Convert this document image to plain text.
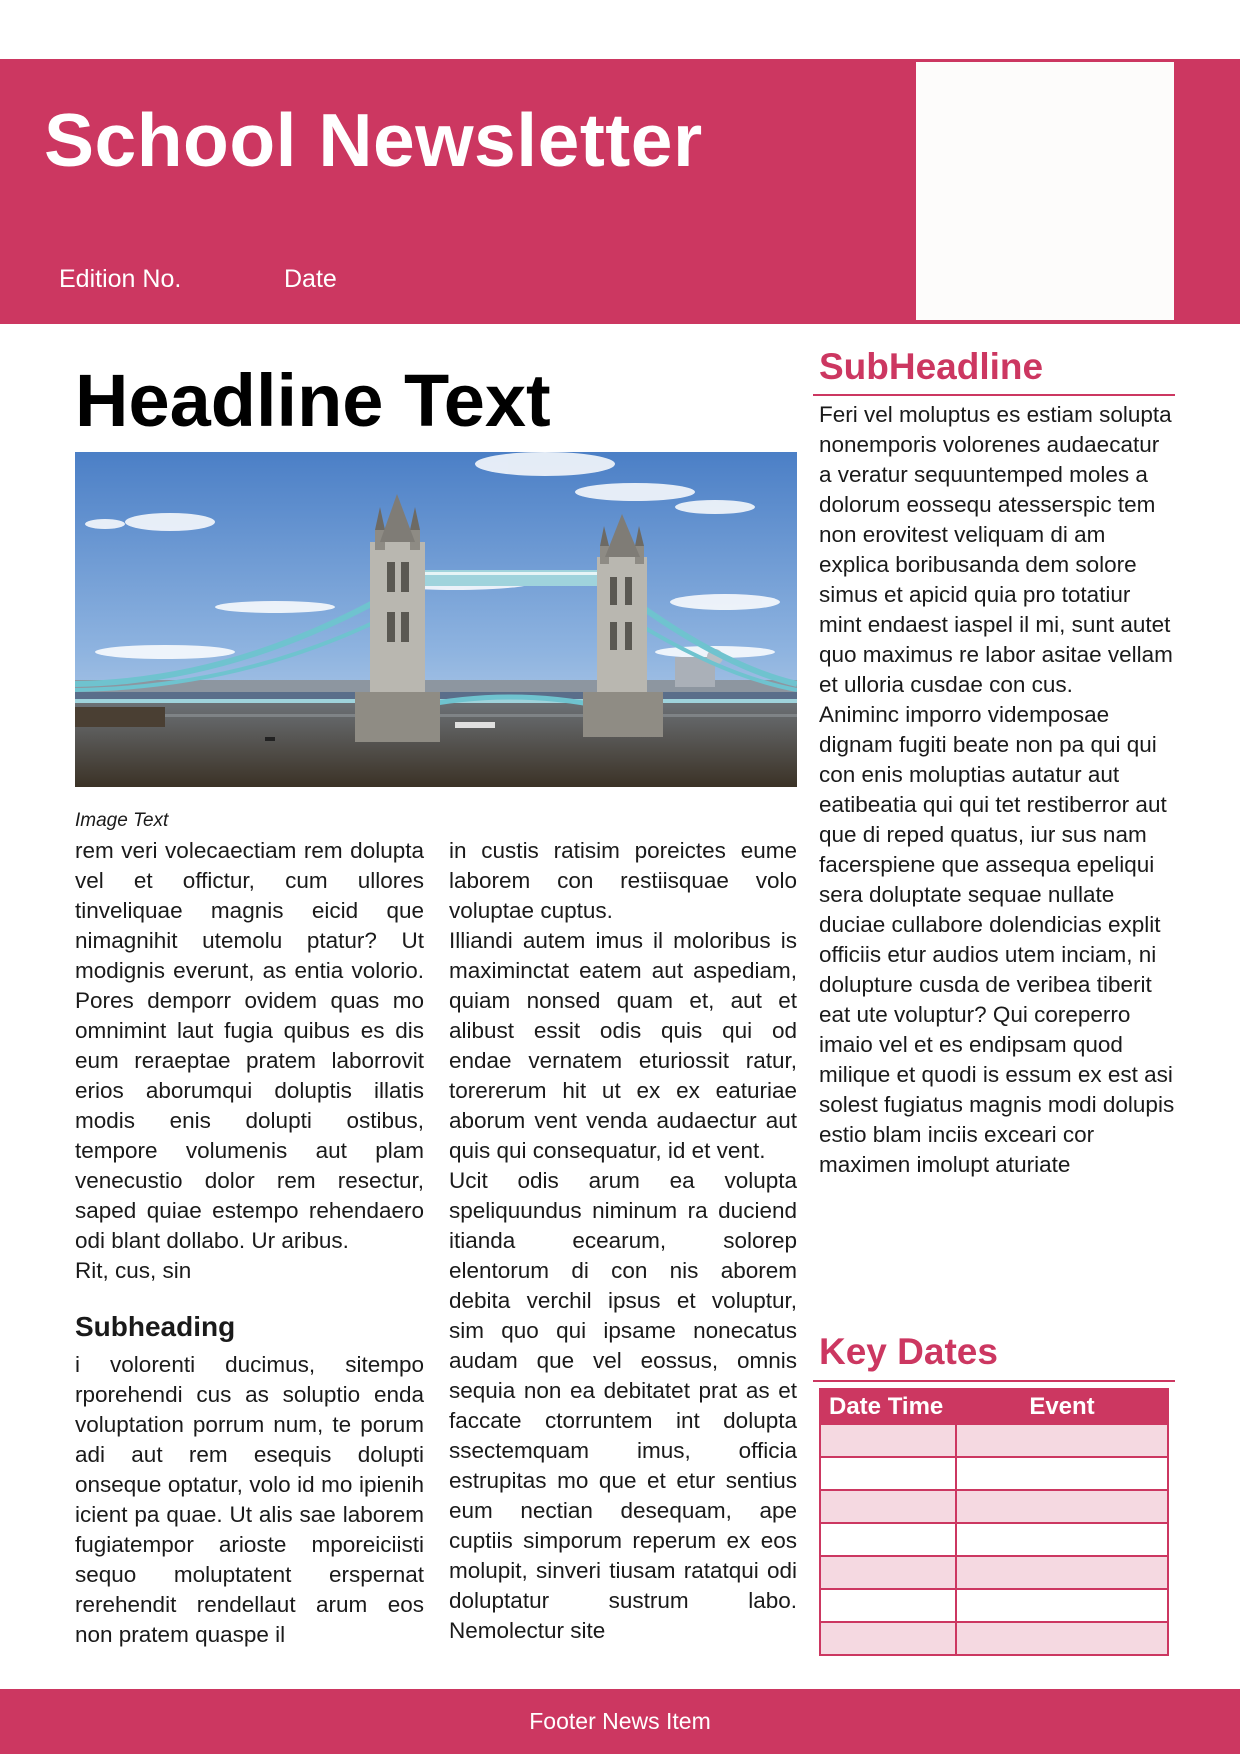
School Newsletter
Edition No.	Date
Headline Text
Image Text

rem veri volecaectiam rem dolupta vel et offictur, cum ullores tinveliquae magnis eicid que nimagnihit utemolu ptatur? Ut modignis everunt, as entia volorio. Pores demporr ovidem quas mo omnimint laut fugia quibus es dis eum reraeptae pratem laborrovit erios aborumqui doluptis illatis modis enis dolupti ostibus, tempore volumenis aut plam venecustio dolor rem resectur, saped quiae estempo rehendaero odi blant dollabo. Ur aribus.

Rit, cus, sin

Subheading

i volorenti ducimus, sitempo rporehendi cus as soluptio enda voluptation porrum num, te porum adi aut rem esequis dolupti onseque optatur, volo id mo ipienih icient pa quae. Ut alis sae laborem fugiatempor arioste mporeiciisti sequo moluptatent erspernat rerehendit rendellaut arum eos non pratem quaspe il

in custis ratisim poreictes eume laborem con restiisquae volo voluptae cuptus.

Illiandi autem imus il moloribus is maximinctat eatem aut aspediam, quiam nonsed quam et, aut et alibust essit odis quis qui od endae vernatem eturiossit ratur, torererum hit ut ex ex eaturiae aborum vent venda audaectur aut quis qui consequatur, id et vent.

Ucit odis arum ea volupta speliquundus niminum ra duciend itianda ecearum, solorep elentorum di con nis aborem debita verchil ipsus et voluptur, sim quo qui ipsame nonecatus audam que vel eossus, omnis sequia non ea debitatet prat as et faccate ctorruntem int dolupta ssectemquam imus, officia estrupitas mo que et etur sentius eum nectian desequam, ape cuptiis simporum reperum ex eos molupit, sinveri tiusam ratatqui odi doluptatur sustrum labo. Nemolectur site

SubHeadline

Feri vel moluptus es estiam solupta nonemporis volorenes audaecatur a veratur sequuntemped moles a dolorum eossequ atesserspic tem non erovitest veliquam di am explica boribusanda dem solore simus et apicid quia pro totatiur mint endaest iaspel il mi, sunt autet quo maximus re labor asitae vellam et ulloria cusdae con cus.

Animinc imporro videmposae dignam fugiti beate non pa qui qui con enis moluptias autatur aut eatibeatia qui qui tet restiberror aut que di reped quatus, iur sus nam facerspiene que assequa epeliqui sera doluptate sequae nullate duciae cullabore dolendicias explit officiis etur audios utem inciam, ni dolupture cusda de veribea tiberit eat ute voluptur? Qui coreperro imaio vel et es endipsam quod milique et quodi is essum ex est asi solest fugiatus magnis modi dolupis estio blam inciis exceari cor maximen imolupt aturiate

Key Dates
Date Time	Event

Footer News Item
